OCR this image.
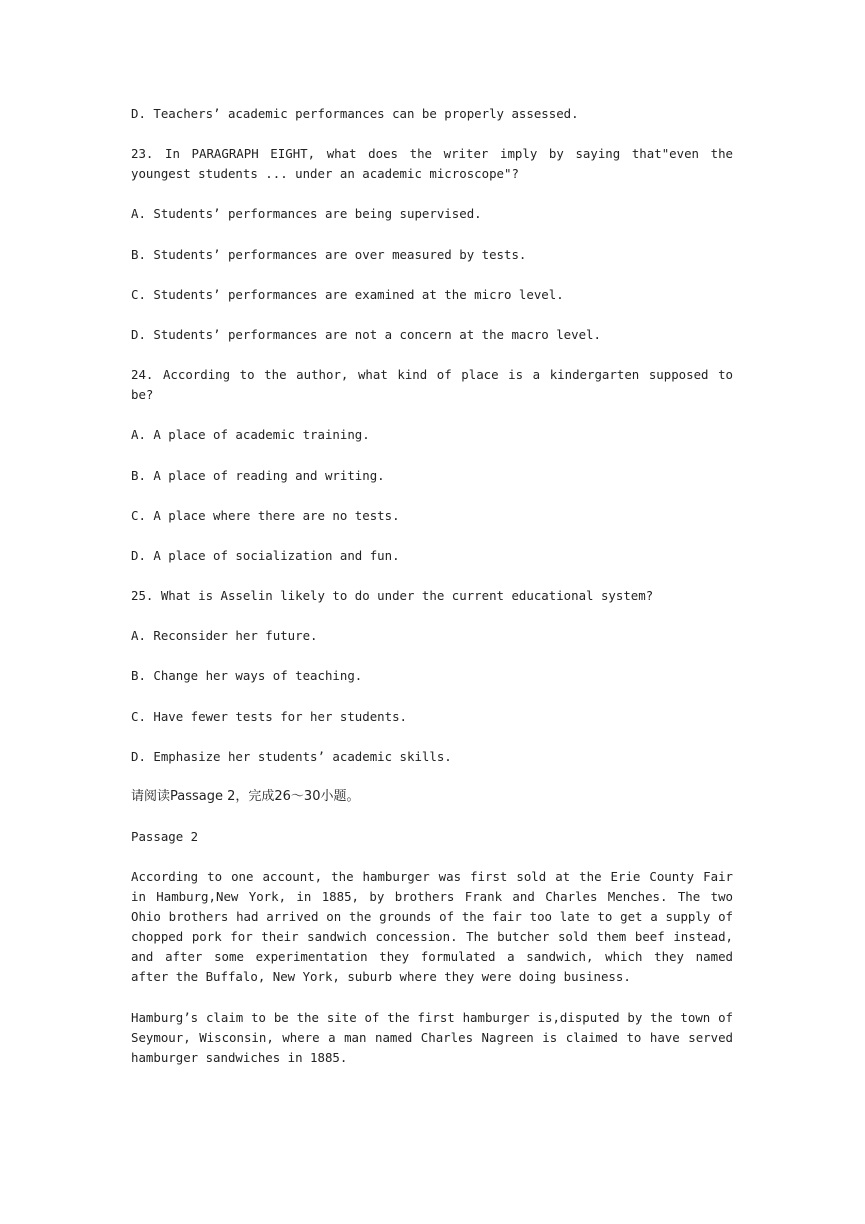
D. Teachers’ academic performances can be properly assessed.

23. In PARAGRAPH EIGHT, what does the writer imply by saying that"even the youngest students ... under an academic microscope"?

A. Students’ performances are being supervised.

B. Students’ performances are over measured by tests.

C. Students’ performances are examined at the micro level.

D. Students’ performances are not a concern at the macro level.

24. According to the author, what kind of place is a kindergarten supposed to be?

A. A place of academic training.

B. A place of reading and writing.

C. A place where there are no tests.

D. A place of socialization and fun.

25. What is Asselin likely to do under the current educational system?

A. Reconsider her future.

B. Change her ways of teaching.

C. Have fewer tests for her students.

D. Emphasize her students’ academic skills.

请阅读Passage 2，完成26～30小题。

Passage 2

According to one account, the hamburger was first sold at the Erie County Fair in Hamburg,New York, in 1885, by brothers Frank and Charles Menches. The two Ohio brothers had arrived on the grounds of the fair too late to get a supply of chopped pork for their sandwich concession. The butcher sold them beef instead, and after some experimentation they formulated a sandwich, which they named after the Buffalo, New York, suburb where they were doing business.

Hamburg’s claim to be the site of the first hamburger is,disputed by the town of Seymour, Wisconsin, where a man named Charles Nagreen is claimed to have served hamburger sandwiches in 1885.
